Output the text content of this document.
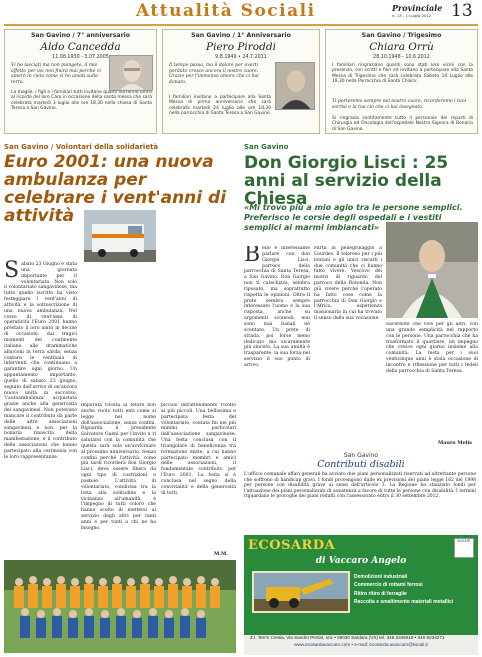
Attualità Sociali	Provinciale
n. 13 - 1 Luglio 2012 13
San Gavino / 7° anniversario
Aldo Cancedda
11.08.1930 - 3.07.2005
Vi ho lasciati ma non piangete, il mio affetto per voi non finirà mai perché vi amerò in cielo come vi ho amati sulla terra.
La moglie, i figli e i familiari tutti invitano quanti vorranno unirsi al ricordo del loro Caro in occasione della santa messa che sarà celebrata martedì 3 luglio alle ore 18,30 nella chiesa di Santa Teresa a San Gavino.
San Gavino / 1° Anniversario
Piero Piroddi
9.8.1949 • 24.7.2011
Il tempo passa, ma il dolore per averti perduto cresce ancora il nostro cuore. Grazie per l'immenso amore che ci hai donato.
I familiari invitano a partecipare alla Santa Messa di primo anniversario che sarà celebrata martedì 24 luglio alle ore 18,30 nella parrocchia di Santa Teresa a San Gavino.
San Gavino / Trigesimo
Chiara Orrù
28.10.1948 - 10.6.2012
I familiari ringraziano quanti sono stati loro vicini con la presenza, con scritti e fiori ed invitano a partecipare alla Santa Messa di Trigesimo che sarà celebrata Sabato 14 Luglio alle 19,30 nella Parrocchia di Santa Chiara.
Ti porteremo sempre nel nostro cuore, ricorderemo i tuoi sorrisi e la tua ciò che ci hai insegnato.
Si ringrazia sentitamente tutto il personale dei reparti di Chirurgia ed Oncologia dell'ospedale Nostra Signora di Bonaria di San Gavino.
San Gavino / Volontari della solidarietà
Euro 2001: una nuova ambulanza per celebrare i vent'anni di attività
S abato 23 Giugno è stata una giornata importante per il volontariato. Non solo il volontariato sangavinese, ma tutto quello iscritto ha visto festeggiare i vent'anni di attività e la sottoscrizione di una nuova ambulanza. Nel corso di vent'anni di operatività l'Euro 2001 hanno prestato il loro aiuto in decine di occasioni, dai tragici momenti del continente italiano alle drammatiche alluvioni in terra sarda, senza contare le centinaia di interventi che continuano a garantire ogni giorno. Un appuntamento importante, quello di sabato 23 giugno, seguito dall'arrivo di un'ancora nuova unità in soccorso, 'l'autoambulanza' acquistata grazie anche alla generosità dei sangavinesi. Non potevano mancare il contributo da parte delle altre associazioni sangavinesi e non, per la bonaria rinascita della manifestazione, e il contributo delle associazioni che hanno partecipato alla cerimonia con le loro rappresentanze.
imporatà rivolta al fetore non anche vuoto tutti enti come si legge nel nome dell'associazione, senza confini. Riguarda il presidente Salvatore Gaeni per l'invito a ri salutarsi con la comunità che questa sarà sola un'avvicinare al prossimo anniversario. Senza confini perché l'attività, come più tardi ricorderà don Giorgio Lisci, deve essere libera da ogni tipo di costrizioni e pastoie. L'attività di volontariato, condivisa tra la lotta alla solitudine e la vicinanza all'umanità, è l'impegno di tutti coloro che hanno scelto di mettersi al servizio degli altri per tanti anni e per tanti a chi ne ha bisogno.
piccolo intrattenimento rivolto ai più piccoli. Una bellissima e partecipata festa del volontariato, contata fin nei più minimi particolari dall'associazione sangavinese. Una festa conclusa con il triangolare di beneficenza tra formazione miste, a cui hanno partecipato membri e amici delle associazioni, il fondamentale contributo per l'Euro 2001. La festa si è conclusa nel segno della convivialità e della generosità di tutti.
M.M.
San Gavino
Don Giorgio Lisci : 25 anni al servizio della Chiesa
«Mi trovo più a mio agio tra le persone semplici. Preferisco le corsie degli ospedali e i vestiti semplici ai marmi imbiancati»
B ello e interessante parlare con don Giorgio Lisci, parroco della parrocchia di Santa Teresa, a San Gavino. Don Giorgio non ti catechizza, sembra riposato, ma soprattutto rispetta le opinioni. Oltre il prete sembra sempre interessato l'uomo e la sua risposta, anche su argomenti scomodi, non sono mai banali né scontate. Un prete di strada, poi forse meno dedicato ma sicuramente più sincero. La sua umiltà è trasparente, la sua forza nel servizio il suo punto di arrivo.
Partii in pellegrinaggio a Lourdes. Il telereso per i più lontani e gli unici riscatti i due comunità che ci hanno fatto vivere. Vescovo dei motivi di riguardo del parroco della Rotonda. Non più vivere perché l'operato ha fatto cose come la parrocchia di Don Giorgio e l'Africa, esperienza missionaria in cui ha trovato il senso della sua vocazione.
Sacerdote che vive per gli altri, con una grande semplicità nel rapporto con le persone. Una parrocchia che ha trasformato il quartiere, un impegno che cresce ogni giorno insieme alla comunità. La festa per i suoi venticinque anni è stata occasione di incontro e riflessione per tutti i fedeli della parrocchia di Santa Teresa.
Mauro Melis
San Gavino
Contributi disabili
L'ufficio comunale affari generali ha avviato due piani personalizzati riservati ad altrettante persone che soffrono di handicap gravi. I fondi provengono dalle ex previsioni del piano legge 162 del 1998 per persone con disabilità grave ai sensi dell'articolo 3. La Regione ha stanziato fondi per l'attuazione dei piani personalizzati di assistenza a favore di tutte le persone con disabilità. I termini riguardano le proroghe dei piani redatti con l'assessorato entro il 30 settembre 2012.
ECOSARDA
di Vaccaro Angelo
SINCERT
Demolizioni industriali
Commercio di rottami ferrosi
Ritiro ritiro di ferraglie
Raccolta e smaltimento materiali metallici
Z.I. Terr'e Cresia, Via Sandro Pertini, snc • 09030 Sardara (VS) tel. 348 3346016 • 340 9234271
www.ecosardavaccaro.com • e-mail: ecosarda.avaccaro@tiscali.it
